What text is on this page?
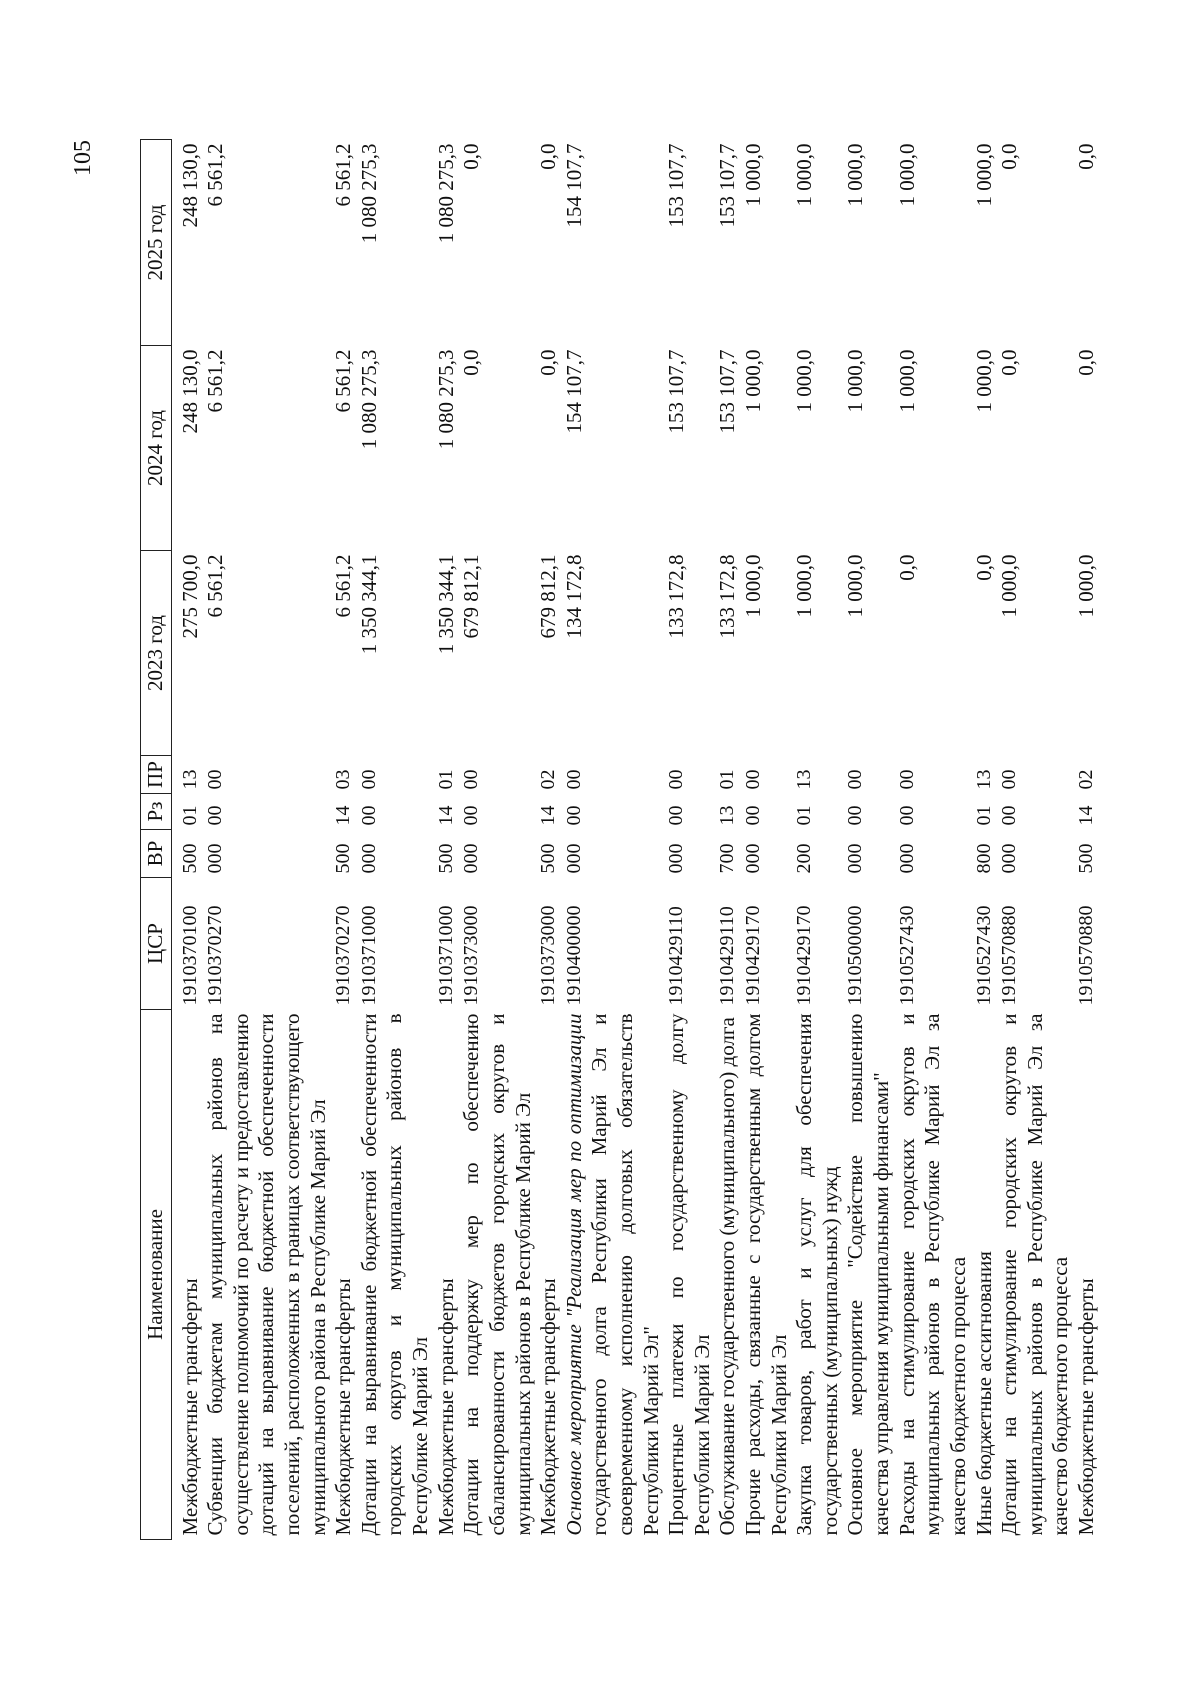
105
Наименование	ЦСР	ВР	Рз	ПР	2023 год	2024 год	2025 год
Межбюджетные трансферты	1910370100	500	01	13	275 700,0	248 130,0	248 130,0
Субвенции бюджетам муниципальных районов на осуществление полномочий по расчету и предоставлению дотаций на выравнивание бюджетной обеспеченности поселений, расположенных в границах соответствующего муниципального района в Республике Марий Эл	1910370270	000	00	00	6 561,2	6 561,2	6 561,2
Межбюджетные трансферты	1910370270	500	14	03	6 561,2	6 561,2	6 561,2
Дотации на выравнивание бюджетной обеспеченности городских округов и муниципальных районов в Республике Марий Эл	1910371000	000	00	00	1 350 344,1	1 080 275,3	1 080 275,3
Межбюджетные трансферты	1910371000	500	14	01	1 350 344,1	1 080 275,3	1 080 275,3
Дотации на поддержку мер по обеспечению сбалансированности бюджетов городских округов и муниципальных районов в Республике Марий Эл	1910373000	000	00	00	679 812,1	0,0	0,0
Межбюджетные трансферты	1910373000	500	14	02	679 812,1	0,0	0,0
Основное мероприятие "Реализация мер по оптимизации государственного долга Республики Марий Эл и своевременному исполнению долговых обязательств Республики Марий Эл"	1910400000	000	00	00	134 172,8	154 107,7	154 107,7
Процентные платежи по государственному долгу Республики Марий Эл	1910429110	000	00	00	133 172,8	153 107,7	153 107,7
Обслуживание государственного (муниципального) долга	1910429110	700	13	01	133 172,8	153 107,7	153 107,7
Прочие расходы, связанные с государственным долгом Республики Марий Эл	1910429170	000	00	00	1 000,0	1 000,0	1 000,0
Закупка товаров, работ и услуг для обеспечения государственных (муниципальных) нужд	1910429170	200	01	13	1 000,0	1 000,0	1 000,0
Основное мероприятие "Содействие повышению качества управления муниципальными финансами"	1910500000	000	00	00	1 000,0	1 000,0	1 000,0
Расходы на стимулирование городских округов и муниципальных районов в Республике Марий Эл за качество бюджетного процесса	1910527430	000	00	00	0,0	1 000,0	1 000,0
Иные бюджетные ассигнования	1910527430	800	01	13	0,0	1 000,0	1 000,0
Дотации на стимулирование городских округов и муниципальных районов в Республике Марий Эл за качество бюджетного процесса	1910570880	000	00	00	1 000,0	0,0	0,0
Межбюджетные трансферты	1910570880	500	14	02	1 000,0	0,0	0,0
